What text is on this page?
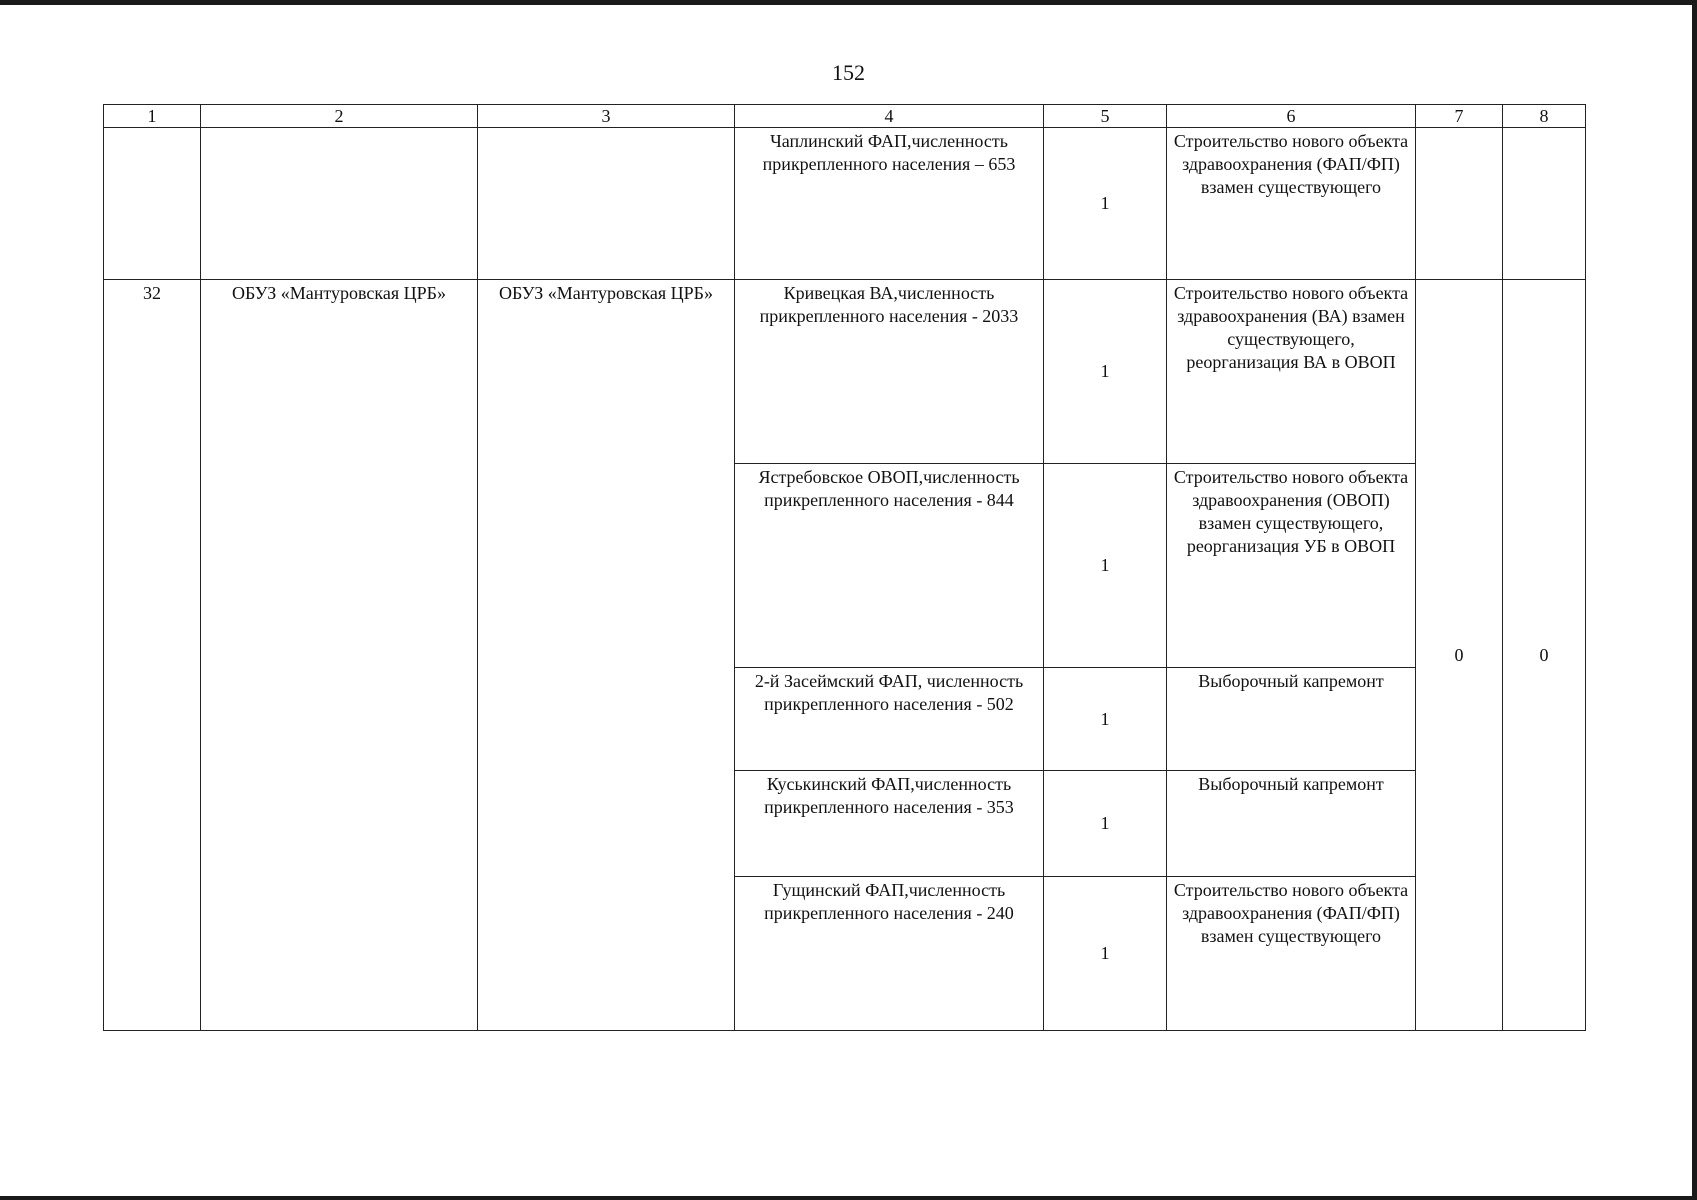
152
1	2	3	4	5	6	7	8
			Чаплинский ФАП,численность прикрепленного населения – 653	1	Строительство нового объекта здравоохранения (ФАП/ФП) взамен существующего		
32	ОБУЗ «Мантуровская ЦРБ»	ОБУЗ «Мантуровская ЦРБ»	Кривецкая ВА,численность прикрепленного населения - 2033	1	Строительство нового объекта здравоохранения (ВА) взамен существующего, реорганизация ВА в ОВОП	0	0
			Ястребовское ОВОП,численность прикрепленного населения - 844	1	Строительство нового объекта здравоохранения (ОВОП) взамен существующего, реорганизация УБ в ОВОП		
			2-й Засеймский ФАП, численность прикрепленного населения - 502	1	Выборочный капремонт		
			Куськинский ФАП,численность прикрепленного населения - 353	1	Выборочный капремонт		
			Гущинский ФАП,численность прикрепленного населения - 240	1	Строительство нового объекта здравоохранения (ФАП/ФП) взамен существующего		
